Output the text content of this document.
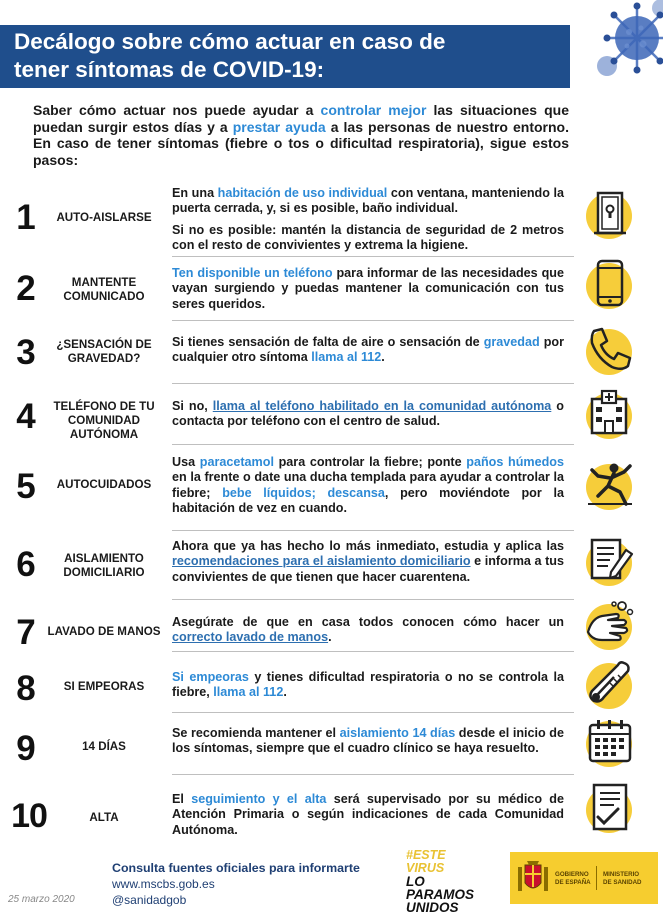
Decálogo sobre cómo actuar en caso de
tener síntomas de COVID-19:

Saber cómo actuar nos puede ayudar a controlar mejor las situaciones que puedan surgir estos días y a prestar ayuda a las personas de nuestro entorno. En caso de tener síntomas (fiebre o tos o dificultad respiratoria), sigue estos pasos:

1	AUTO-AISLARSE

En una habitación de uso individual con ventana, manteniendo la puerta cerrada, y, si es posible, baño individual.

Si no es posible: mantén la distancia de seguridad de 2 metros con el resto de convivientes y extrema la higiene.

2	MANTENTE COMUNICADO

Ten disponible un teléfono para informar de las necesidades que vayan surgiendo y puedas mantener la comunicación con tus seres queridos.

3	¿SENSACIÓN DE GRAVEDAD?

Si tienes sensación de falta de aire o sensación de gravedad por cualquier otro síntoma llama al 112.

4	TELÉFONO DE TU COMUNIDAD AUTÓNOMA

Si no, llama al teléfono habilitado en la comunidad autónoma o contacta por teléfono con el centro de salud.

5	AUTOCUIDADOS

Usa paracetamol para controlar la fiebre; ponte paños húmedos en la frente o date una ducha templada para ayudar a controlar la fiebre; bebe líquidos; descansa, pero moviéndote por la habitación de vez en cuando.

6	AISLAMIENTO DOMICILIARIO

Ahora que ya has hecho lo más inmediato, estudia y aplica las recomendaciones para el aislamiento domiciliario e informa a tus convivientes de que tienen que hacer cuarentena.

7	LAVADO DE MANOS

Asegúrate de que en casa todos conocen cómo hacer un correcto lavado de manos.

8	SI EMPEORAS

Si empeoras y tienes dificultad respiratoria o no se controla la fiebre, llama al 112.

9	14 DÍAS

Se recomienda mantener el aislamiento 14 días desde el inicio de los síntomas, siempre que el cuadro clínico se haya resuelto.

10	ALTA

El seguimiento y el alta será supervisado por su médico de Atención Primaria o según indicaciones de cada Comunidad Autónoma.

Consulta fuentes oficiales para informarte
www.mscbs.gob.es
@sanidadgob
25 marzo 2020
#ESTE
VIRUS
LO
PARAMOS
UNIDOS
GOBIERNO
DE ESPAÑA
MINISTERIO
DE SANIDAD
